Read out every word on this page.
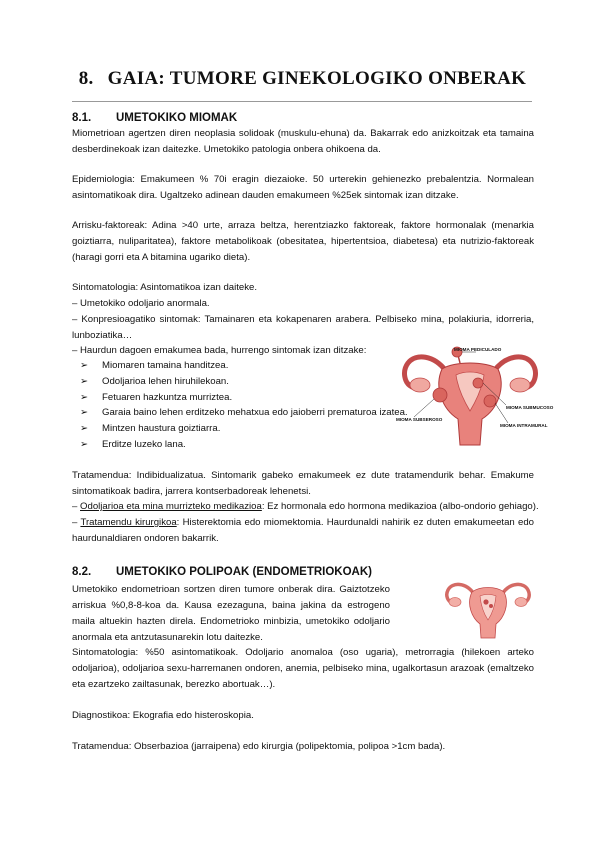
8. GAIA: TUMORE GINEKOLOGIKO ONBERAK
8.1. UMETOKIKO MIOMAK

Miometrioan agertzen diren neoplasia solidoak (muskulu-ehuna) da. Bakarrak edo anizkoitzak eta tamaina desberdinekoak izan daitezke. Umetokiko patologia onbera ohikoena da.

Epidemiologia: Emakumeen % 70i eragin diezaioke. 50 urterekin gehienezko prebalentzia. Normalean asintomatikoak dira. Ugaltzeko adinean dauden emakumeen %25ek sintomak izan ditzake.

Arrisku-faktoreak: Adina >40 urte, arraza beltza, herentziazko faktoreak, faktore hormonalak (menarkia goiztiarra, nuliparitatea), faktore metabolikoak (obesitatea, hipertentsioa, diabetesa) eta nutrizio-faktoreak (haragi gorri eta A bitamina ugariko dieta).

Sintomatologia: Asintomatikoa izan daiteke.

– Umetokiko odoljario anormala.

– Konpresioagatiko sintomak: Tamainaren eta kokapenaren arabera. Pelbiseko mina, polakiuria, idorreria, lunboziatika…

– Haurdun dagoen emakumea bada, hurrengo sintomak izan ditzake:

➢ Miomaren tamaina handitzea.
➢ Odoljarioa lehen hiruhilekoan.
➢ Fetuaren hazkuntza murriztea.
➢ Garaia baino lehen erditzeko mehatxua edo jaioberri prematuroa izatea.
➢ Mintzen haustura goiztiarra.
➢ Erditze luzeko lana.
MIOMA PEDICULADO
MIOMA SUBMUCOSO
MIOMA SUBSEROSO
MIOMA INTRAMURAL

Tratamendua: Indibidualizatua. Sintomarik gabeko emakumeek ez dute tratamendurik behar. Emakume sintomatikoak badira, jarrera kontserbadoreak lehenetsi.

– Odoljarioa eta mina murrizteko medikazioa: Ez hormonala edo hormona medikazioa (albo-ondorio gehiago).

– Tratamendu kirurgikoa: Histerektomia edo miomektomia. Haurdunaldi nahirik ez duten emakumeetan edo haurdunaldiaren ondoren bakarrik.

8.2. UMETOKIKO POLIPOAK (ENDOMETRIOKOAK)

Umetokiko endometrioan sortzen diren tumore onberak dira. Gaiztotzeko arriskua %0,8-8-koa da. Kausa ezezaguna, baina jakina da estrogeno maila altuekin hazten direla. Endometrioko minbizia, umetokiko odoljario anormala eta antzutasunarekin lotu daitezke.

Sintomatologia: %50 asintomatikoak. Odoljario anomaloa (oso ugaria), metrorragia (hilekoen arteko odoljarioa), odoljarioa sexu-harremanen ondoren, anemia, pelbiseko mina, ugalkortasun arazoak (emaltzeko eta ezartzeko zailtasunak, berezko abortuak…).

Diagnostikoa: Ekografia edo histeroskopia.

Tratamendua: Obserbazioa (jarraipena) edo kirurgia (polipektomia, polipoa >1cm bada).
